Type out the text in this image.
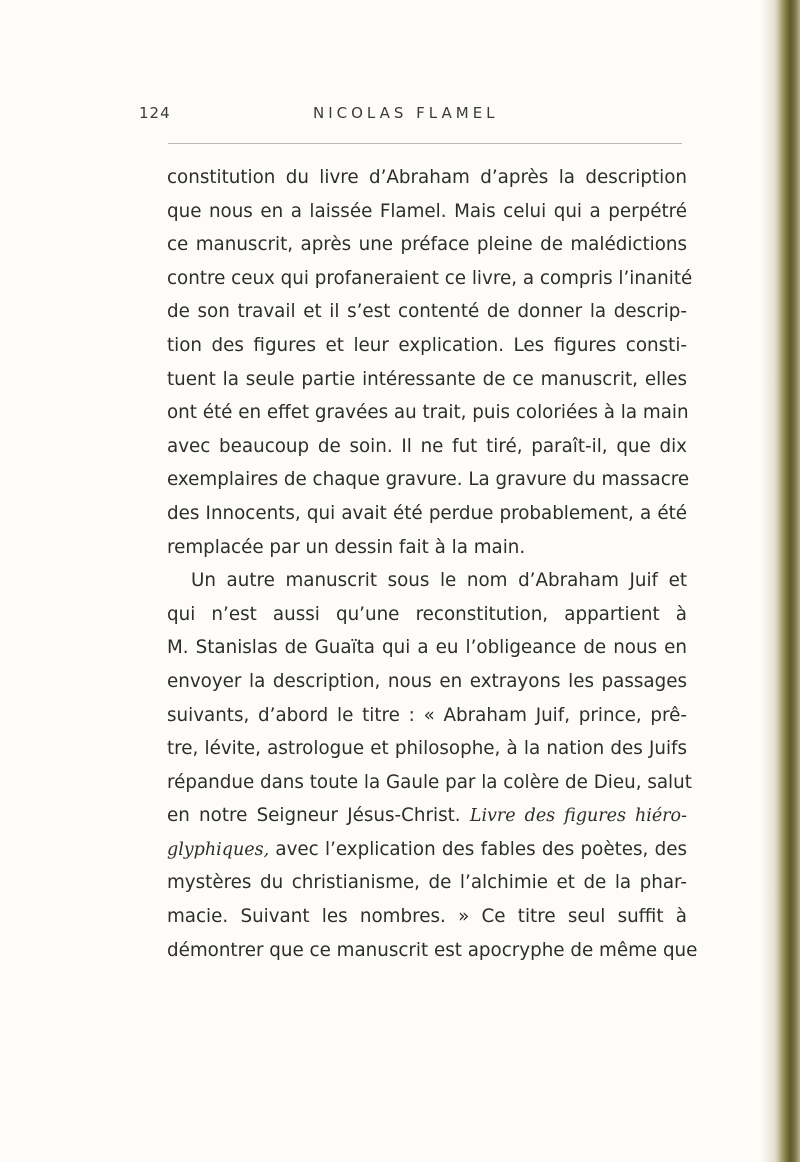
124	NICOLAS FLAMEL
constitution du livre d’Abraham d’après la description
que nous en a laissée Flamel. Mais celui qui a perpétré
ce manuscrit, après une préface pleine de malédictions
contre ceux qui profaneraient ce livre, a compris l’inanité
de son travail et il s’est contenté de donner la descrip-
tion des figures et leur explication. Les figures consti-
tuent la seule partie intéressante de ce manuscrit, elles
ont été en effet gravées au trait, puis coloriées à la main
avec beaucoup de soin. Il ne fut tiré, paraît-il, que dix
exemplaires de chaque gravure. La gravure du massacre
des Innocents, qui avait été perdue probablement, a été
remplacée par un dessin fait à la main.
Un autre manuscrit sous le nom d’Abraham Juif et
qui n’est aussi qu’une reconstitution, appartient à
M. Stanislas de Guaïta qui a eu l’obligeance de nous en
envoyer la description, nous en extrayons les passages
suivants, d’abord le titre : « Abraham Juif, prince, prê-
tre, lévite, astrologue et philosophe, à la nation des Juifs
répandue dans toute la Gaule par la colère de Dieu, salut
en notre Seigneur Jésus-Christ. Livre des figures hiéro-
glyphiques, avec l’explication des fables des poètes, des
mystères du christianisme, de l’alchimie et de la phar-
macie. Suivant les nombres. » Ce titre seul suffit à
démontrer que ce manuscrit est apocryphe de même que
